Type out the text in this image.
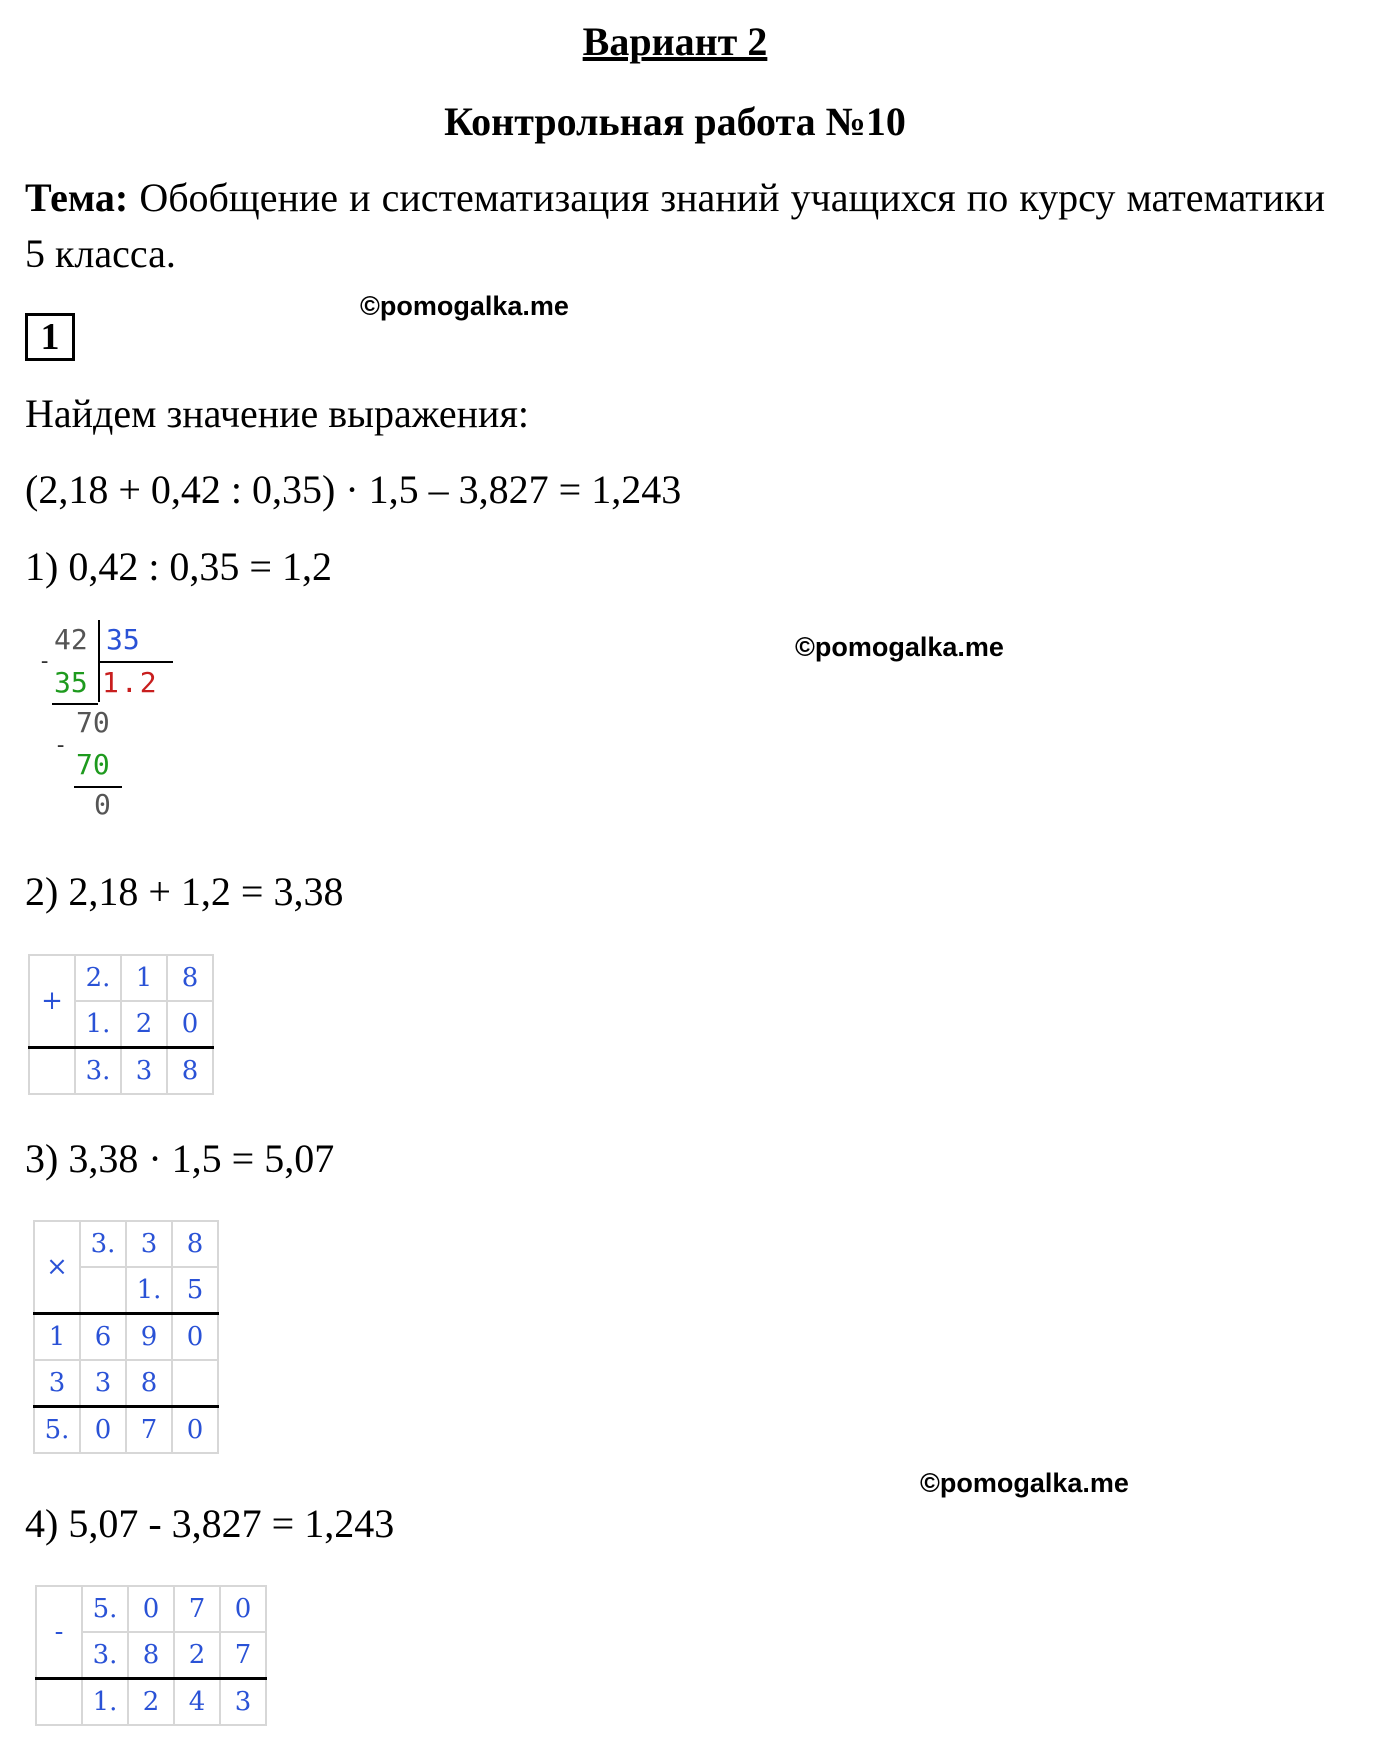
Вариант 2
Контрольная работа №10
Тема: Обобщение и систематизация знаний учащихся по курсу математики 5 класса.
©pomogalka.me
©pomogalka.me
©pomogalka.me
1
Найдем значение выражения:
(2,18 + 0,42 : 0,35) · 1,5 – 3,827 = 1,243
1) 0,42 : 0,35 = 1,2
42 35
-
35 1.2
70
-
70
0
2) 2,18 + 1,2 = 3,38
+	2.	1	8
	1.	2	0
	3.	3	8
3) 3,38 · 1,5 = 5,07
×	3.	3	8
		1.	5
1	6	9	0
3	3	8	
5.	0	7	0
4) 5,07 - 3,827 = 1,243
-	5.	0	7	0
	3.	8	2	7
	1.	2	4	3
